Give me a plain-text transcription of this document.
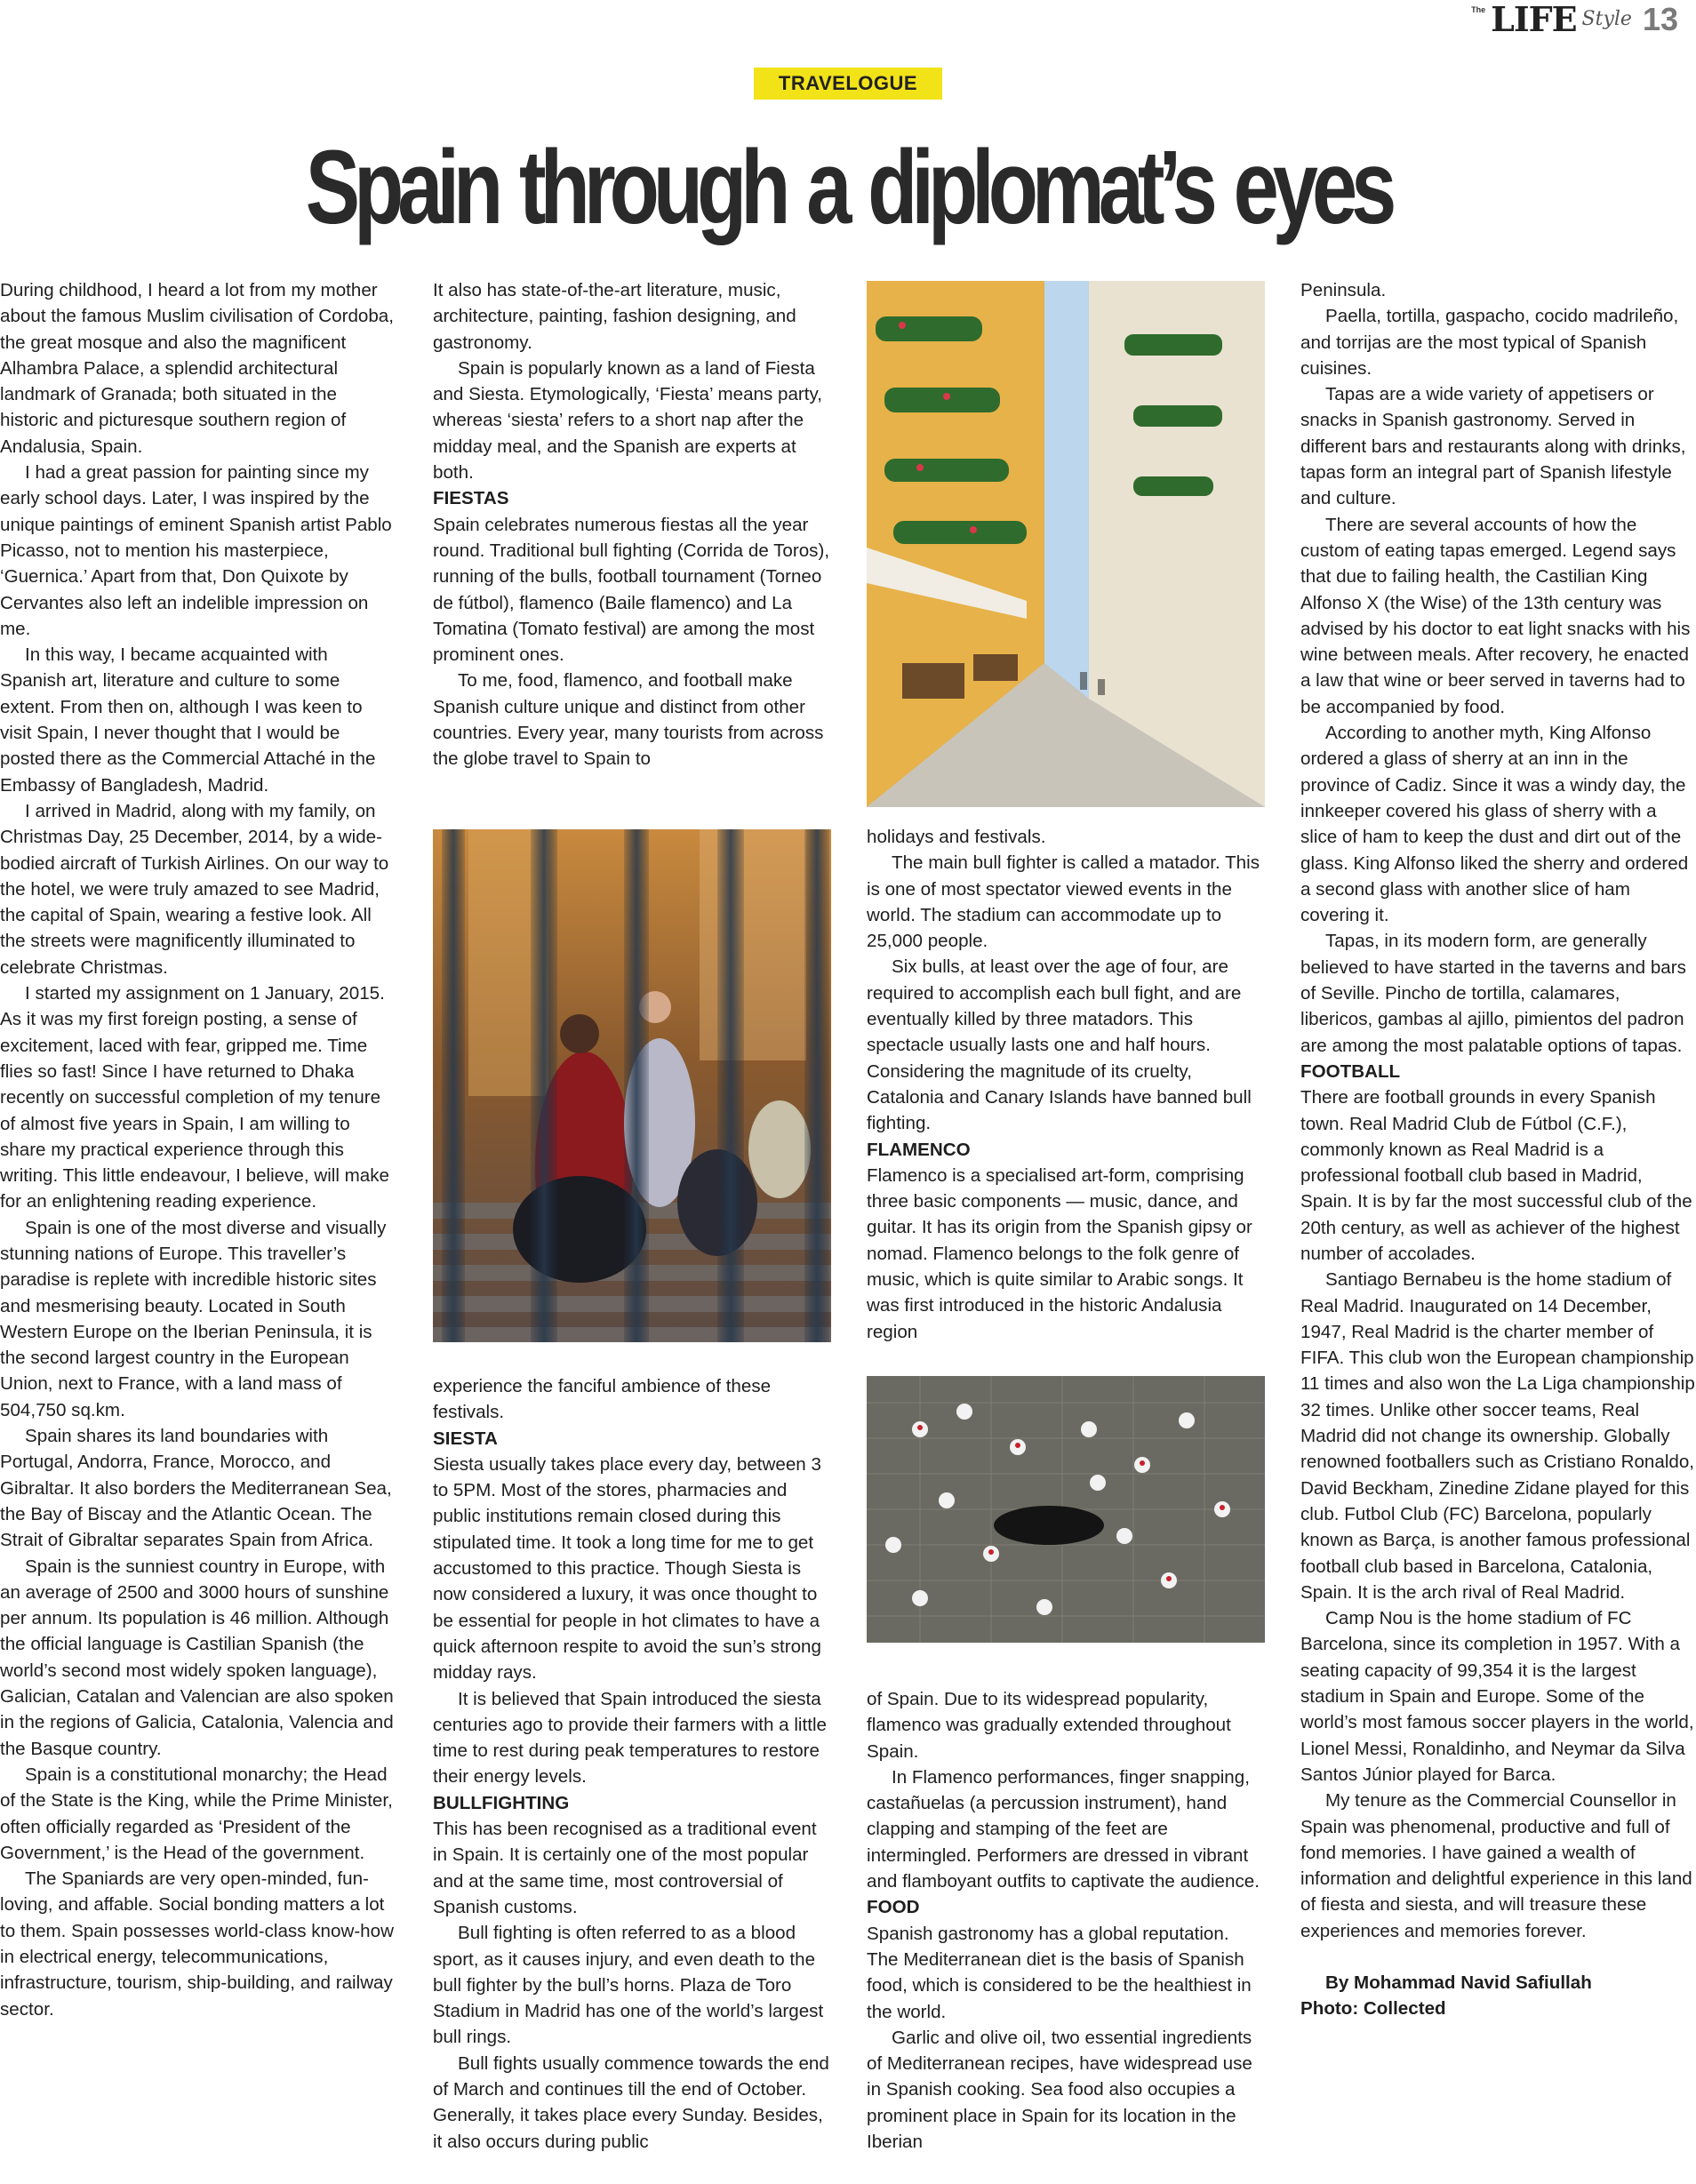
The LIFE Style 13
TRAVELOGUE
Spain through a diplomat’s eyes

During childhood, I heard a lot from my mother about the famous Muslim civilisation of Cordoba, the great mosque and also the magnificent Alhambra Palace, a splendid architectural landmark of Granada; both situated in the historic and picturesque southern region of Andalusia, Spain.

I had a great passion for painting since my early school days. Later, I was inspired by the unique paintings of eminent Spanish artist Pablo Picasso, not to mention his masterpiece, ‘Guernica.’ Apart from that, Don Quixote by Cervantes also left an indelible impression on me.

In this way, I became acquainted with Spanish art, literature and culture to some extent. From then on, although I was keen to visit Spain, I never thought that I would be posted there as the Commercial Attaché in the Embassy of Bangladesh, Madrid.

I arrived in Madrid, along with my family, on Christmas Day, 25 December, 2014, by a wide-bodied aircraft of Turkish Airlines. On our way to the hotel, we were truly amazed to see Madrid, the capital of Spain, wearing a festive look. All the streets were magnificently illuminated to celebrate Christmas.

I started my assignment on 1 January, 2015. As it was my first foreign posting, a sense of excitement, laced with fear, gripped me. Time flies so fast! Since I have returned to Dhaka recently on successful completion of my tenure of almost five years in Spain, I am willing to share my practical experience through this writing. This little endeavour, I believe, will make for an enlightening reading experience.

Spain is one of the most diverse and visually stunning nations of Europe. This traveller’s paradise is replete with incredible historic sites and mesmerising beauty. Located in South Western Europe on the Iberian Peninsula, it is the second largest country in the European Union, next to France, with a land mass of 504,750 sq.km.

Spain shares its land boundaries with Portugal, Andorra, France, Morocco, and Gibraltar. It also borders the Mediterranean Sea, the Bay of Biscay and the Atlantic Ocean. The Strait of Gibraltar separates Spain from Africa.

Spain is the sunniest country in Europe, with an average of 2500 and 3000 hours of sunshine per annum. Its population is 46 million. Although the official language is Castilian Spanish (the world’s second most widely spoken language), Galician, Catalan and Valencian are also spoken in the regions of Galicia, Catalonia, Valencia and the Basque country.

Spain is a constitutional monarchy; the Head of the State is the King, while the Prime Minister, often officially regarded as ‘President of the Government,’ is the Head of the government.

The Spaniards are very open-minded, fun-loving, and affable. Social bonding matters a lot to them. Spain possesses world-class know-how in electrical energy, telecommunications, infrastructure, tourism, ship-building, and railway sector.

It also has state-of-the-art literature, music, architecture, painting, fashion designing, and gastronomy.

Spain is popularly known as a land of Fiesta and Siesta. Etymologically, ‘Fiesta’ means party, whereas ‘siesta’ refers to a short nap after the midday meal, and the Spanish are experts at both.

FIESTAS

Spain celebrates numerous fiestas all the year round. Traditional bull fighting (Corrida de Toros), running of the bulls, football tournament (Torneo de fútbol), flamenco (Baile flamenco) and La Tomatina (Tomato festival) are among the most prominent ones.

To me, food, flamenco, and football make Spanish culture unique and distinct from other countries. Every year, many tourists from across the globe travel to Spain to

experience the fanciful ambience of these festivals.

SIESTA

Siesta usually takes place every day, between 3 to 5PM. Most of the stores, pharmacies and public institutions remain closed during this stipulated time. It took a long time for me to get accustomed to this practice. Though Siesta is now considered a luxury, it was once thought to be essential for people in hot climates to have a quick afternoon respite to avoid the sun’s strong midday rays.

It is believed that Spain introduced the siesta centuries ago to provide their farmers with a little time to rest during peak temperatures to restore their energy levels.

BULLFIGHTING

This has been recognised as a traditional event in Spain. It is certainly one of the most popular and at the same time, most controversial of Spanish customs.

Bull fighting is often referred to as a blood sport, as it causes injury, and even death to the bull fighter by the bull’s horns. Plaza de Toro Stadium in Madrid has one of the world’s largest bull rings.

Bull fights usually commence towards the end of March and continues till the end of October. Generally, it takes place every Sunday. Besides, it also occurs during public

holidays and festivals.

The main bull fighter is called a matador. This is one of most spectator viewed events in the world. The stadium can accommodate up to 25,000 people.

Six bulls, at least over the age of four, are required to accomplish each bull fight, and are eventually killed by three matadors. This spectacle usually lasts one and half hours. Considering the magnitude of its cruelty, Catalonia and Canary Islands have banned bull fighting.

FLAMENCO

Flamenco is a specialised art-form, comprising three basic components — music, dance, and guitar. It has its origin from the Spanish gipsy or nomad. Flamenco belongs to the folk genre of music, which is quite similar to Arabic songs. It was first introduced in the historic Andalusia region

of Spain. Due to its widespread popularity, flamenco was gradually extended throughout Spain.

In Flamenco performances, finger snapping, castañuelas (a percussion instrument), hand clapping and stamping of the feet are intermingled. Performers are dressed in vibrant and flamboyant outfits to captivate the audience.

FOOD

Spanish gastronomy has a global reputation. The Mediterranean diet is the basis of Spanish food, which is considered to be the healthiest in the world.

Garlic and olive oil, two essential ingredients of Mediterranean recipes, have widespread use in Spanish cooking. Sea food also occupies a prominent place in Spain for its location in the Iberian

Peninsula.

Paella, tortilla, gaspacho, cocido madrileño, and torrijas are the most typical of Spanish cuisines.

Tapas are a wide variety of appetisers or snacks in Spanish gastronomy. Served in different bars and restaurants along with drinks, tapas form an integral part of Spanish lifestyle and culture.

There are several accounts of how the custom of eating tapas emerged. Legend says that due to failing health, the Castilian King Alfonso X (the Wise) of the 13th century was advised by his doctor to eat light snacks with his wine between meals. After recovery, he enacted a law that wine or beer served in taverns had to be accompanied by food.

According to another myth, King Alfonso ordered a glass of sherry at an inn in the province of Cadiz. Since it was a windy day, the innkeeper covered his glass of sherry with a slice of ham to keep the dust and dirt out of the glass. King Alfonso liked the sherry and ordered a second glass with another slice of ham covering it.

Tapas, in its modern form, are generally believed to have started in the taverns and bars of Seville. Pincho de tortilla, calamares, libericos, gambas al ajillo, pimientos del padron are among the most palatable options of tapas.

FOOTBALL

There are football grounds in every Spanish town. Real Madrid Club de Fútbol (C.F.), commonly known as Real Madrid is a professional football club based in Madrid, Spain. It is by far the most successful club of the 20th century, as well as achiever of the highest number of accolades.

Santiago Bernabeu is the home stadium of Real Madrid. Inaugurated on 14 December, 1947, Real Madrid is the charter member of FIFA. This club won the European championship 11 times and also won the La Liga championship 32 times. Unlike other soccer teams, Real Madrid did not change its ownership. Globally renowned footballers such as Cristiano Ronaldo, David Beckham, Zinedine Zidane played for this club. Futbol Club (FC) Barcelona, popularly known as Barça, is another famous professional football club based in Barcelona, Catalonia, Spain. It is the arch rival of Real Madrid.

Camp Nou is the home stadium of FC Barcelona, since its completion in 1957. With a seating capacity of 99,354 it is the largest stadium in Spain and Europe. Some of the world’s most famous soccer players in the world, Lionel Messi, Ronaldinho, and Neymar da Silva Santos Júnior played for Barca.

My tenure as the Commercial Counsellor in Spain was phenomenal, productive and full of fond memories. I have gained a wealth of information and delightful experience in this land of fiesta and siesta, and will treasure these experiences and memories forever.

By Mohammad Navid Safiullah

Photo: Collected
